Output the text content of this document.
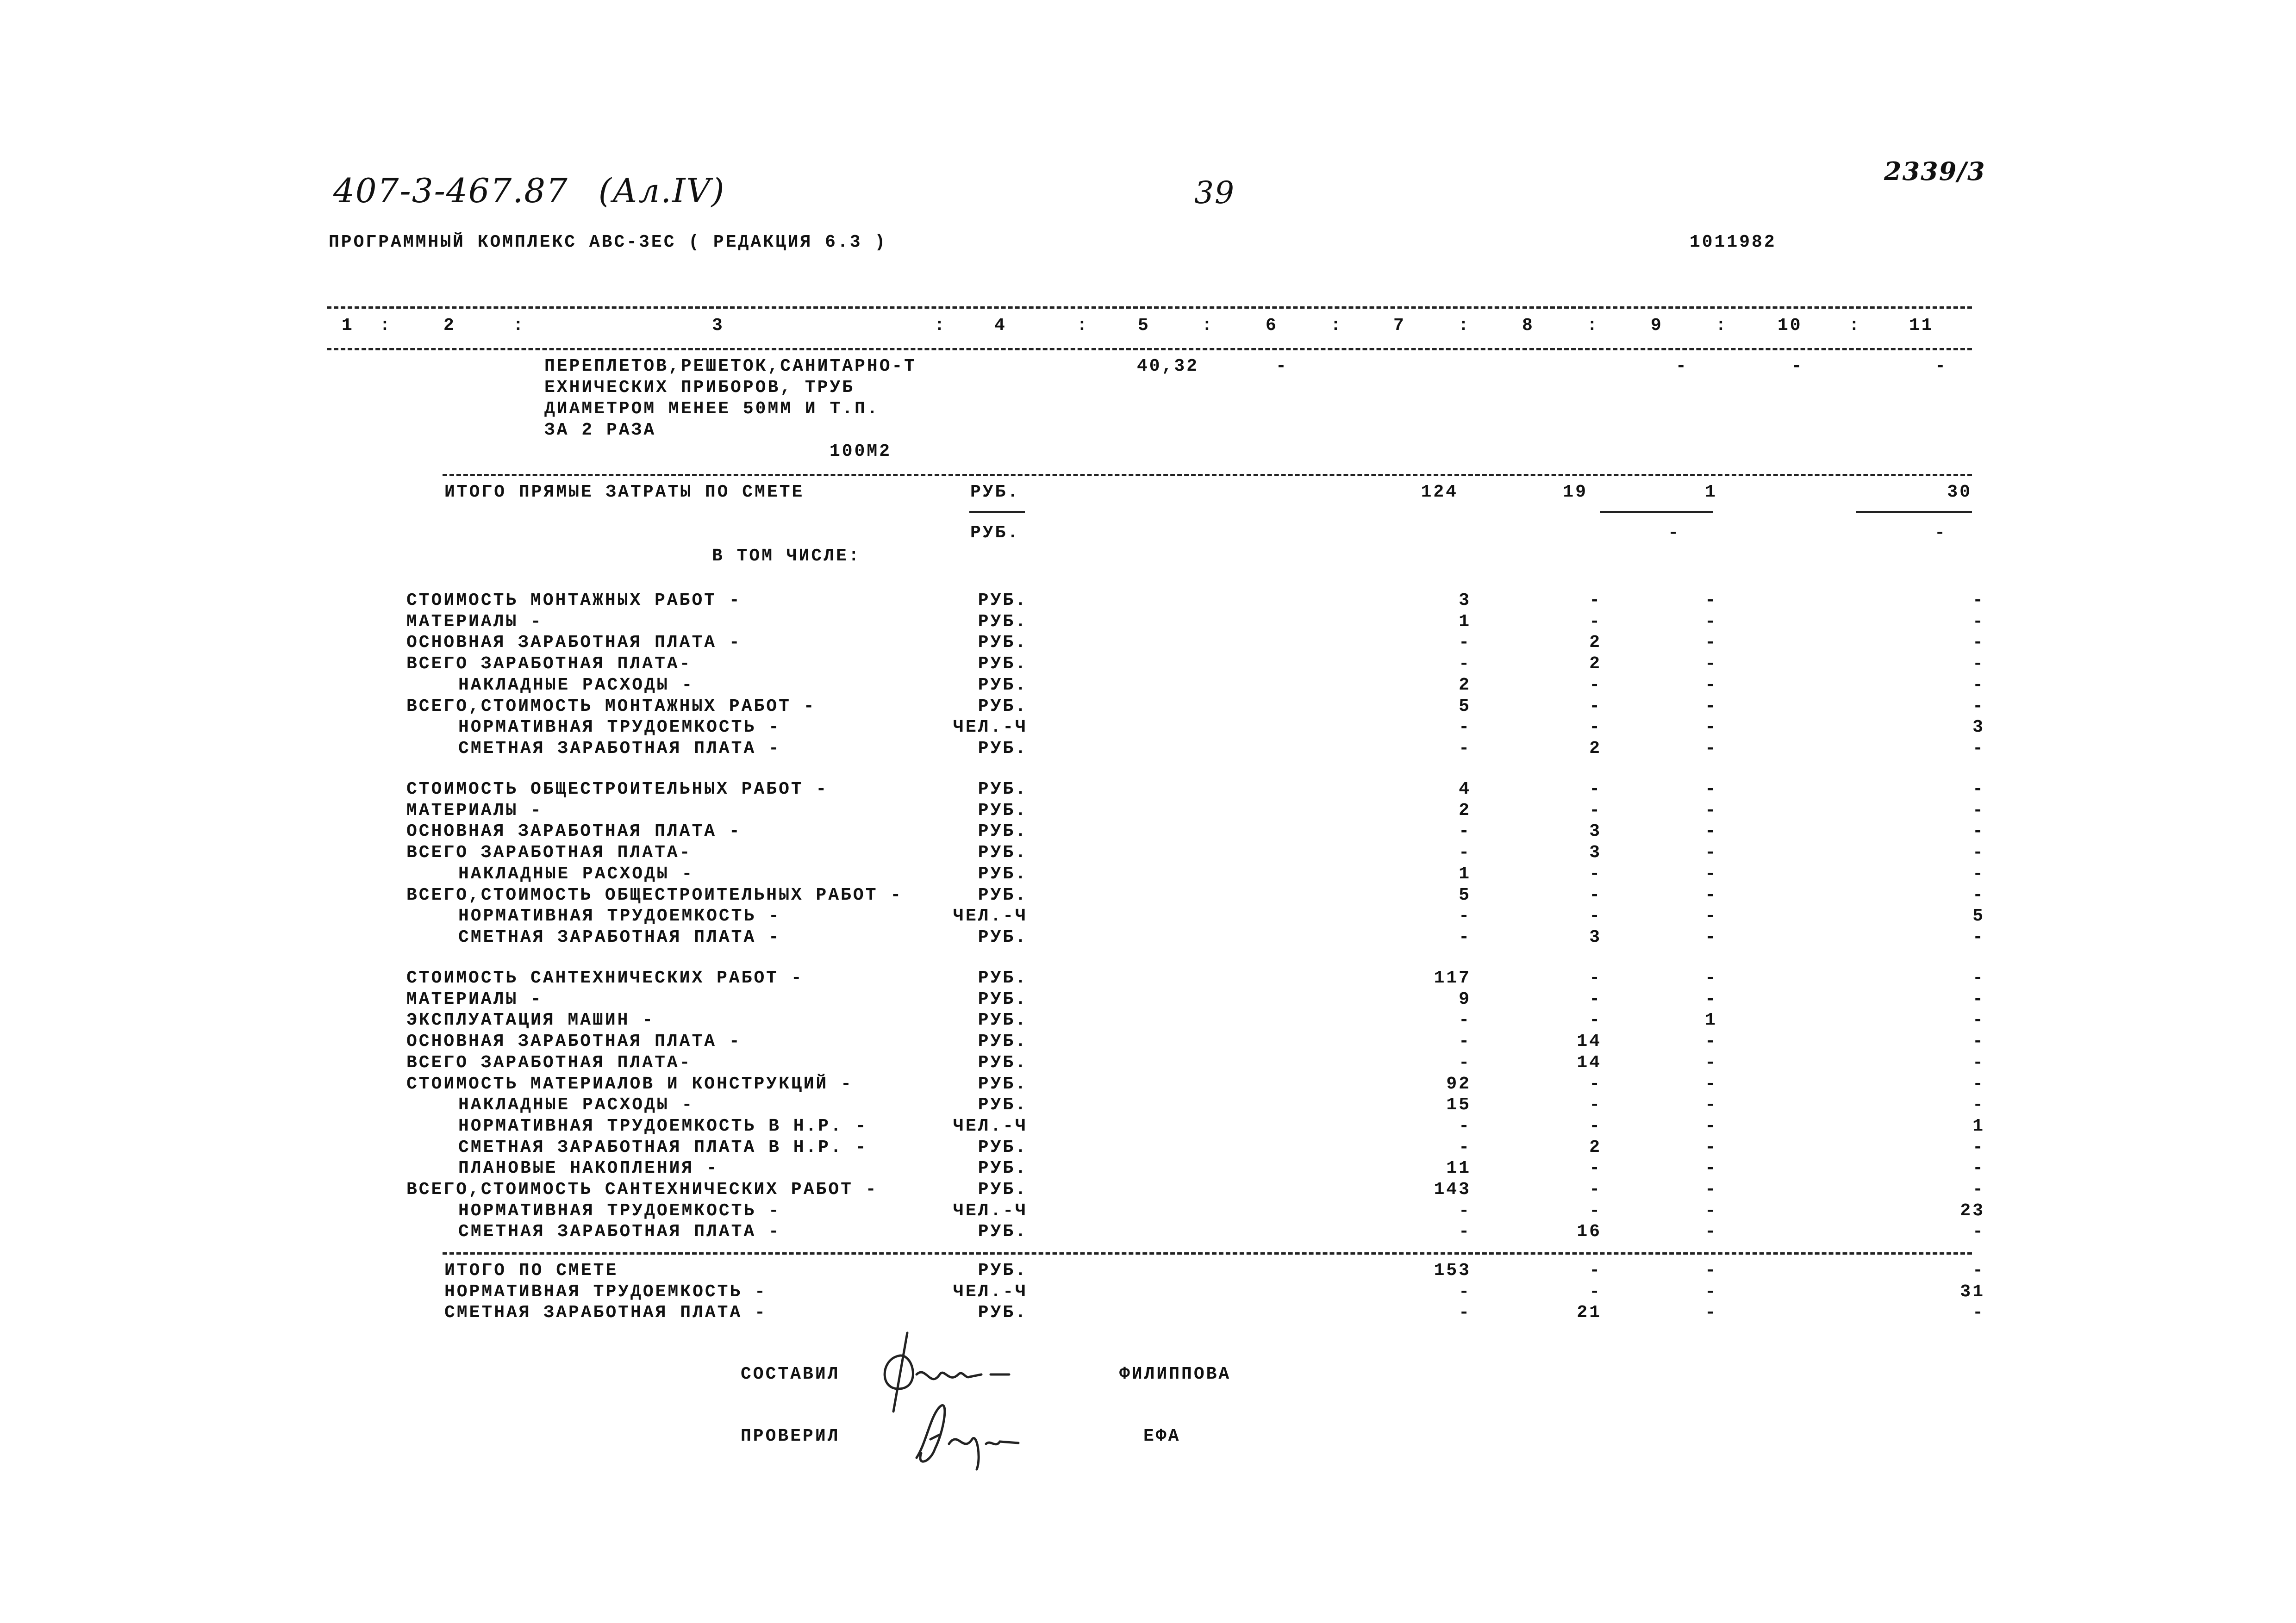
407-3-467.87 (Ал.IV)	39
2339/3
ПРОГРАММНЫЙ КОМПЛЕКС АВС-3ЕС ( РЕДАКЦИЯ 6.3 )	1011982
1 :	2	:	3	:	4	:	5	:	6	:	7	:	8	:	9	:	10	:	11
ПЕРЕПЛЕТОВ,РЕШЕТОК,САНИТАРНО-Т
ЕХНИЧЕСКИХ ПРИБОРОВ, ТРУБ
ДИАМЕТРОМ МЕНЕЕ 50ММ И Т.П.
ЗА 2 РАЗА
100М2
40,32	-	-	-	-
ИТОГО ПРЯМЫЕ ЗАТРАТЫ ПО СМЕТЕ	РУБ.	124	19	1	30
РУБ.	-	-
В ТОМ ЧИСЛЕ:
СТОИМОСТЬ МОНТАЖНЫХ РАБОТ -	РУБ.	3	-	-	-
МАТЕРИАЛЫ -	РУБ.	1	-	-	-
ОСНОВНАЯ ЗАРАБОТНАЯ ПЛАТА -	РУБ.	-	2	-	-
ВСЕГО ЗАРАБОТНАЯ ПЛАТА-	РУБ.	-	2	-	-
НАКЛАДНЫЕ РАСХОДЫ -	РУБ.	2	-	-	-
ВСЕГО,СТОИМОСТЬ МОНТАЖНЫХ РАБОТ -	РУБ.	5	-	-	-
НОРМАТИВНАЯ ТРУДОЕМКОСТЬ -	ЧЕЛ.-Ч	-	-	-	3
СМЕТНАЯ ЗАРАБОТНАЯ ПЛАТА -	РУБ.	-	2	-	-
СТОИМОСТЬ ОБЩЕСТРОИТЕЛЬНЫХ РАБОТ -	РУБ.	4	-	-	-
МАТЕРИАЛЫ -	РУБ.	2	-	-	-
ОСНОВНАЯ ЗАРАБОТНАЯ ПЛАТА -	РУБ.	-	3	-	-
ВСЕГО ЗАРАБОТНАЯ ПЛАТА-	РУБ.	-	3	-	-
НАКЛАДНЫЕ РАСХОДЫ -	РУБ.	1	-	-	-
ВСЕГО,СТОИМОСТЬ ОБЩЕСТРОИТЕЛЬНЫХ РАБОТ -	РУБ.	5	-	-	-
НОРМАТИВНАЯ ТРУДОЕМКОСТЬ -	ЧЕЛ.-Ч	-	-	-	5
СМЕТНАЯ ЗАРАБОТНАЯ ПЛАТА -	РУБ.	-	3	-	-
СТОИМОСТЬ САНТЕХНИЧЕСКИХ РАБОТ -	РУБ.	117	-	-	-
МАТЕРИАЛЫ -	РУБ.	9	-	-	-
ЭКСПЛУАТАЦИЯ МАШИН -	РУБ.	-	-	1	-
ОСНОВНАЯ ЗАРАБОТНАЯ ПЛАТА -	РУБ.	-	14	-	-
ВСЕГО ЗАРАБОТНАЯ ПЛАТА-	РУБ.	-	14	-	-
СТОИМОСТЬ МАТЕРИАЛОВ И КОНСТРУКЦИЙ -	РУБ.	92	-	-	-
НАКЛАДНЫЕ РАСХОДЫ -	РУБ.	15	-	-	-
НОРМАТИВНАЯ ТРУДОЕМКОСТЬ В Н.Р. -	ЧЕЛ.-Ч	-	-	-	1
СМЕТНАЯ ЗАРАБОТНАЯ ПЛАТА В Н.Р. -	РУБ.	-	2	-	-
ПЛАНОВЫЕ НАКОПЛЕНИЯ -	РУБ.	11	-	-	-
ВСЕГО,СТОИМОСТЬ САНТЕХНИЧЕСКИХ РАБОТ -	РУБ.	143	-	-	-
НОРМАТИВНАЯ ТРУДОЕМКОСТЬ -	ЧЕЛ.-Ч	-	-	-	23
СМЕТНАЯ ЗАРАБОТНАЯ ПЛАТА -	РУБ.	-	16	-	-
ИТОГО ПО СМЕТЕ	РУБ.	153	-	-	-
НОРМАТИВНАЯ ТРУДОЕМКОСТЬ -	ЧЕЛ.-Ч	-	-	-	31
СМЕТНАЯ ЗАРАБОТНАЯ ПЛАТА -	РУБ.	-	21	-	-
СОСТАВИЛ	ФИЛИППОВА
ПРОВЕРИЛ	ЕФА
